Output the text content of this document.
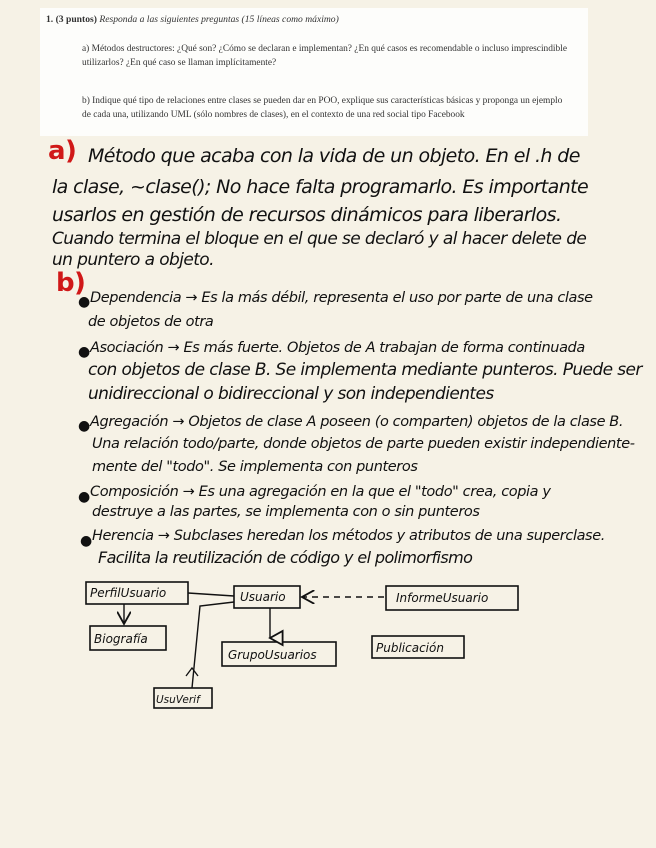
1. (3 puntos) Responda a las siguientes preguntas (15 líneas como máximo)
a) Métodos destructores: ¿Qué son? ¿Cómo se declaran e implementan? ¿En qué casos es recomendable o incluso imprescindible utilizarlos? ¿En qué caso se llaman implícitamente?
b) Indique qué tipo de relaciones entre clases se pueden dar en POO, explique sus características básicas y proponga un ejemplo de cada una, utilizando UML (sólo nombres de clases), en el contexto de una red social tipo Facebook
a) Método que acaba con la vida de un objeto. En el .h de
la clase, ~clase(); No hace falta programarlo. Es importante
usarlos en gestión de recursos dinámicos para liberarlos.
Cuando termina el bloque en el que se declaró y al hacer delete de
un puntero a objeto.
b)
● Dependencia → Es la más débil, representa el uso por parte de una clase
de objetos de otra
● Asociación → Es más fuerte. Objetos de A trabajan de forma continuada
con objetos de clase B. Se implementa mediante punteros. Puede ser
unidireccional o bidireccional y son independientes
● Agregación → Objetos de clase A poseen (o comparten) objetos de la clase B.
Una relación todo/parte, donde objetos de parte pueden existir independiente-
mente del "todo". Se implementa con punteros
● Composición → Es una agregación en la que el "todo" crea, copia y
destruye a las partes, se implementa con o sin punteros
● Herencia → Subclases heredan los métodos y atributos de una superclase.
Facilita la reutilización de código y el polimorfismo
PerfilUsuario	Usuario	InformeUsuario
Biografía
GrupoUsuarios	Publicación
UsuVerif
